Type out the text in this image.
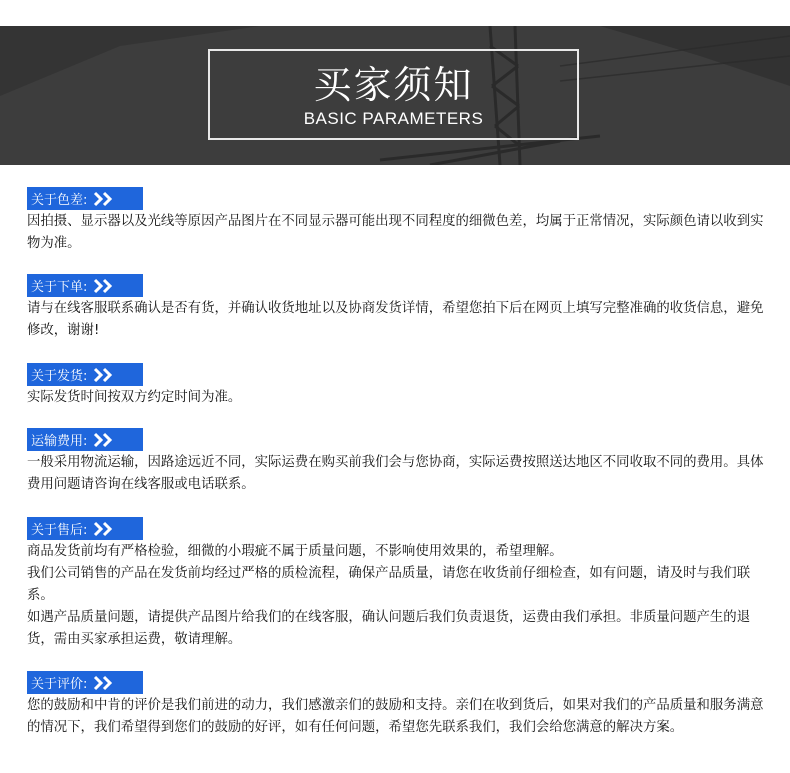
买家须知
BASIC PARAMETERS
关于色差:

因拍摄、显示器以及光线等原因产品图片在不同显示器可能出现不同程度的细微色差，均属于正常情况，实际颜色请以收到实物为准。

关于下单:

请与在线客服联系确认是否有货，并确认收货地址以及协商发货详情，希望您拍下后在网页上填写完整准确的收货信息，避免修改，谢谢!

关于发货:

实际发货时间按双方约定时间为准。

运输费用:

一般采用物流运输，因路途远近不同，实际运费在购买前我们会与您协商，实际运费按照送达地区不同收取不同的费用。具体费用问题请咨询在线客服或电话联系。

关于售后:

商品发货前均有严格检验，细微的小瑕疵不属于质量问题，不影响使用效果的，希望理解。

我们公司销售的产品在发货前均经过严格的质检流程，确保产品质量，请您在收货前仔细检查，如有问题，请及时与我们联系。

如遇产品质量问题，请提供产品图片给我们的在线客服，确认问题后我们负责退货，运费由我们承担。非质量问题产生的退货，需由买家承担运费，敬请理解。

关于评价:

您的鼓励和中肯的评价是我们前进的动力，我们感激亲们的鼓励和支持。亲们在收到货后，如果对我们的产品质量和服务满意的情况下，我们希望得到您们的鼓励的好评，如有任何问题，希望您先联系我们，我们会给您满意的解决方案。
